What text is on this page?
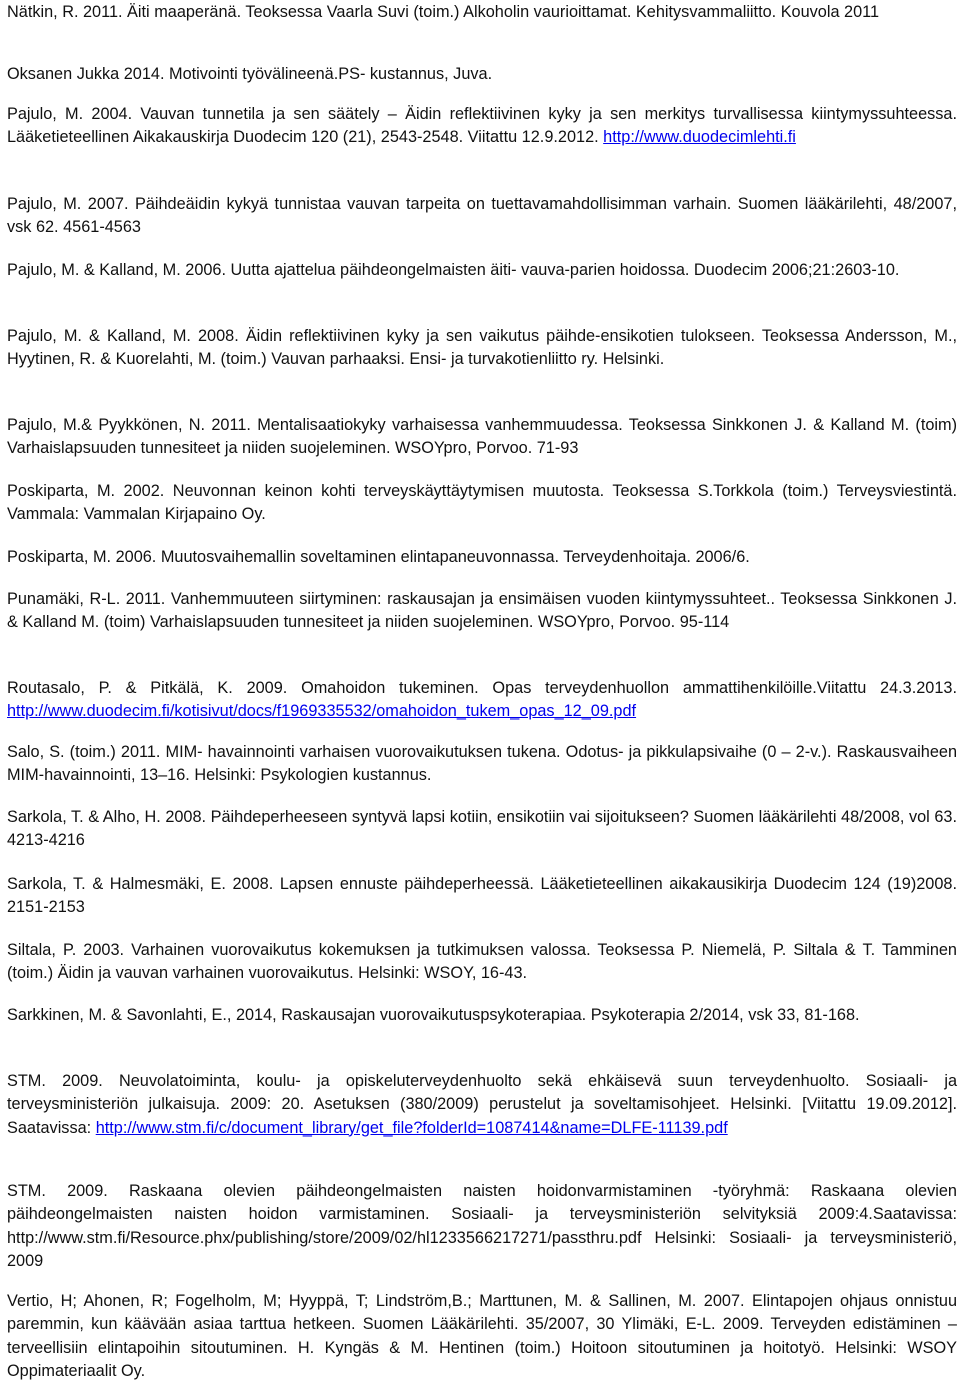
Nätkin, R. 2011. Äiti maaperänä. Teoksessa Vaarla Suvi (toim.) Alkoholin vaurioittamat. Kehitysvammaliitto. Kouvola 2011
Oksanen Jukka 2014. Motivointi työvälineenä.PS- kustannus, Juva.
Pajulo, M. 2004. Vauvan tunnetila ja sen säätely – Äidin reflektiivinen kyky ja sen merkitys turvallisessa kiintymyssuhteessa. Lääketieteellinen Aikakauskirja Duodecim 120 (21), 2543-2548. Viitattu 12.9.2012. http://www.duodecimlehti.fi
Pajulo, M. 2007. Päihdeäidin kykyä tunnistaa vauvan tarpeita on tuettavamahdollisimman varhain. Suomen lääkärilehti, 48/2007, vsk 62. 4561-4563
Pajulo, M. & Kalland, M. 2006. Uutta ajattelua päihdeongelmaisten äiti- vauva-parien hoidossa. Duodecim 2006;21:2603-10.
Pajulo, M. & Kalland, M. 2008. Äidin reflektiivinen kyky ja sen vaikutus päihde-ensikotien tulokseen. Teoksessa Andersson, M., Hyytinen, R. & Kuorelahti, M. (toim.) Vauvan parhaaksi. Ensi- ja turvakotienliitto ry. Helsinki.
Pajulo, M.& Pyykkönen, N. 2011. Mentalisaatiokyky varhaisessa vanhemmuudessa. Teoksessa Sinkkonen J. & Kalland M. (toim) Varhaislapsuuden tunnesiteet ja niiden suojeleminen. WSOYpro, Porvoo. 71-93
Poskiparta, M. 2002. Neuvonnan keinon kohti terveyskäyttäytymisen muutosta. Teoksessa S.Torkkola (toim.) Terveysviestintä. Vammala: Vammalan Kirjapaino Oy.
Poskiparta, M. 2006. Muutosvaihemallin soveltaminen elintapaneuvonnassa. Terveydenhoitaja. 2006/6.
Punamäki, R-L. 2011. Vanhemmuuteen siirtyminen: raskausajan ja ensimäisen vuoden kiintymyssuhteet.. Teoksessa Sinkkonen J. & Kalland M. (toim) Varhaislapsuuden tunnesiteet ja niiden suojeleminen. WSOYpro, Porvoo. 95-114
Routasalo, P. & Pitkälä, K. 2009. Omahoidon tukeminen. Opas terveydenhuollon ammattihenkilöille.Viitattu 24.3.2013. http://www.duodecim.fi/kotisivut/docs/f1969335532/omahoidon_tukem_opas_12_09.pdf
Salo, S. (toim.) 2011. MIM- havainnointi varhaisen vuorovaikutuksen tukena. Odotus- ja pikkulapsivaihe (0 – 2-v.). Raskausvaiheen MIM-havainnointi, 13–16. Helsinki: Psykologien kustannus.
Sarkola, T. & Alho, H. 2008. Päihdeperheeseen syntyvä lapsi kotiin, ensikotiin vai sijoitukseen? Suomen lääkärilehti 48/2008, vol 63. 4213-4216
Sarkola, T. & Halmesmäki, E. 2008. Lapsen ennuste päihdeperheessä. Lääketieteellinen aikakausikirja Duodecim 124 (19)2008. 2151-2153
Siltala, P. 2003. Varhainen vuorovaikutus kokemuksen ja tutkimuksen valossa. Teoksessa P. Niemelä, P. Siltala & T. Tamminen (toim.) Äidin ja vauvan varhainen vuorovaikutus. Helsinki: WSOY, 16-43.
Sarkkinen, M. & Savonlahti, E., 2014, Raskausajan vuorovaikutuspsykoterapiaa. Psykoterapia 2/2014, vsk 33, 81-168.
STM. 2009. Neuvolatoiminta, koulu- ja opiskeluterveydenhuolto sekä ehkäisevä suun terveydenhuolto. Sosiaali- ja terveysministeriön julkaisuja. 2009: 20. Asetuksen (380/2009) perustelut ja soveltamisohjeet. Helsinki. [Viitattu 19.09.2012]. Saatavissa: http://www.stm.fi/c/document_library/get_file?folderId=1087414&name=DLFE-11139.pdf
STM. 2009. Raskaana olevien päihdeongelmaisten naisten hoidonvarmistaminen -työryhmä: Raskaana olevien päihdeongelmaisten naisten hoidon varmistaminen. Sosiaali- ja terveysministeriön selvityksiä 2009:4.Saatavissa: http://www.stm.fi/Resource.phx/publishing/store/2009/02/hl1233566217271/passthru.pdf Helsinki: Sosiaali- ja terveysministeriö, 2009
Vertio, H; Ahonen, R; Fogelholm, M; Hyyppä, T; Lindström,B.; Marttunen, M. & Sallinen, M. 2007. Elintapojen ohjaus onnistuu paremmin, kun käävään asiaa tarttua hetkeen. Suomen Lääkärilehti. 35/2007, 30 Ylimäki, E-L. 2009. Terveyden edistäminen –terveellisiin elintapoihin sitoutuminen. H. Kyngäs & M. Hentinen (toim.) Hoitoon sitoutuminen ja hoitotyö. Helsinki: WSOY Oppimateriaalit Oy.
